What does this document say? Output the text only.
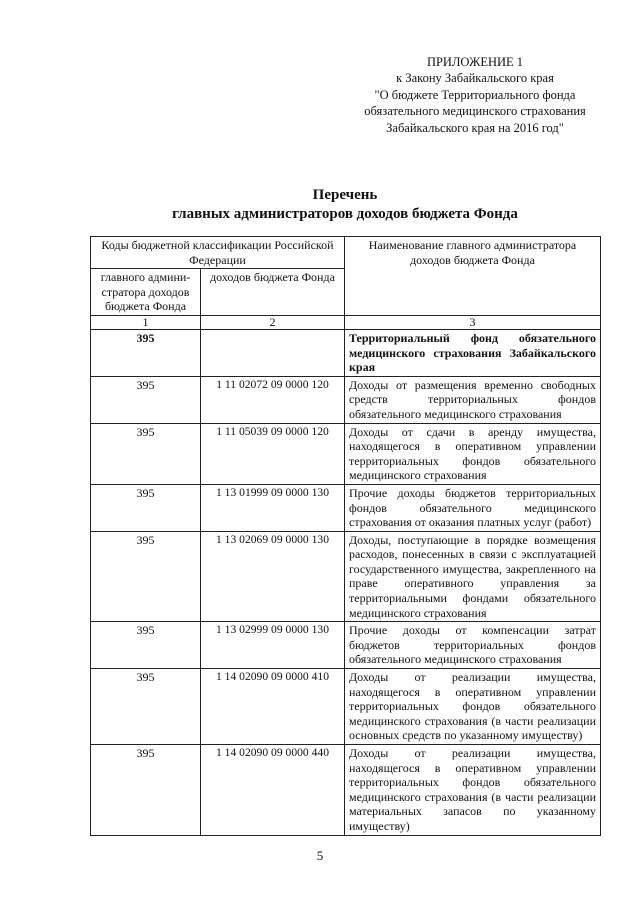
ПРИЛОЖЕНИЕ 1
к Закону Забайкальского края
"О бюджете Территориального фонда
обязательного медицинского страхования
Забайкальского края на 2016 год"
Перечень
главных администраторов доходов бюджета Фонда
Коды бюджетной классификации Российской Федерации		Наименование главного администратора доходов бюджета Фонда
главного админи-стратора доходов бюджета Фонда	доходов бюджета Фонда	
1	2	3
395		Территориальный фонд обязательного медицинского страхования Забайкальского края
395	1 11 02072 09 0000 120	Доходы от размещения временно свободных средств территориальных фондов обязательного медицинского страхования
395	1 11 05039 09 0000 120	Доходы от сдачи в аренду имущества, находящегося в оперативном управлении территориальных фондов обязательного медицинского страхования
395	1 13 01999 09 0000 130	Прочие доходы бюджетов территориальных фондов обязательного медицинского страхования от оказания платных услуг (работ)
395	1 13 02069 09 0000 130	Доходы, поступающие в порядке возмещения расходов, понесенных в связи с эксплуатацией государственного имущества, закрепленного на праве оперативного управления за территориальными фондами обязательного медицинского страхования
395	1 13 02999 09 0000 130	Прочие доходы от компенсации затрат бюджетов территориальных фондов обязательного медицинского страхования
395	1 14 02090 09 0000 410	Доходы от реализации имущества, находящегося в оперативном управлении территориальных фондов обязательного медицинского страхования (в части реализации основных средств по указанному имуществу)
395	1 14 02090 09 0000 440	Доходы от реализации имущества, находящегося в оперативном управлении территориальных фондов обязательного медицинского страхования (в части реализации материальных запасов по указанному имуществу)
5
